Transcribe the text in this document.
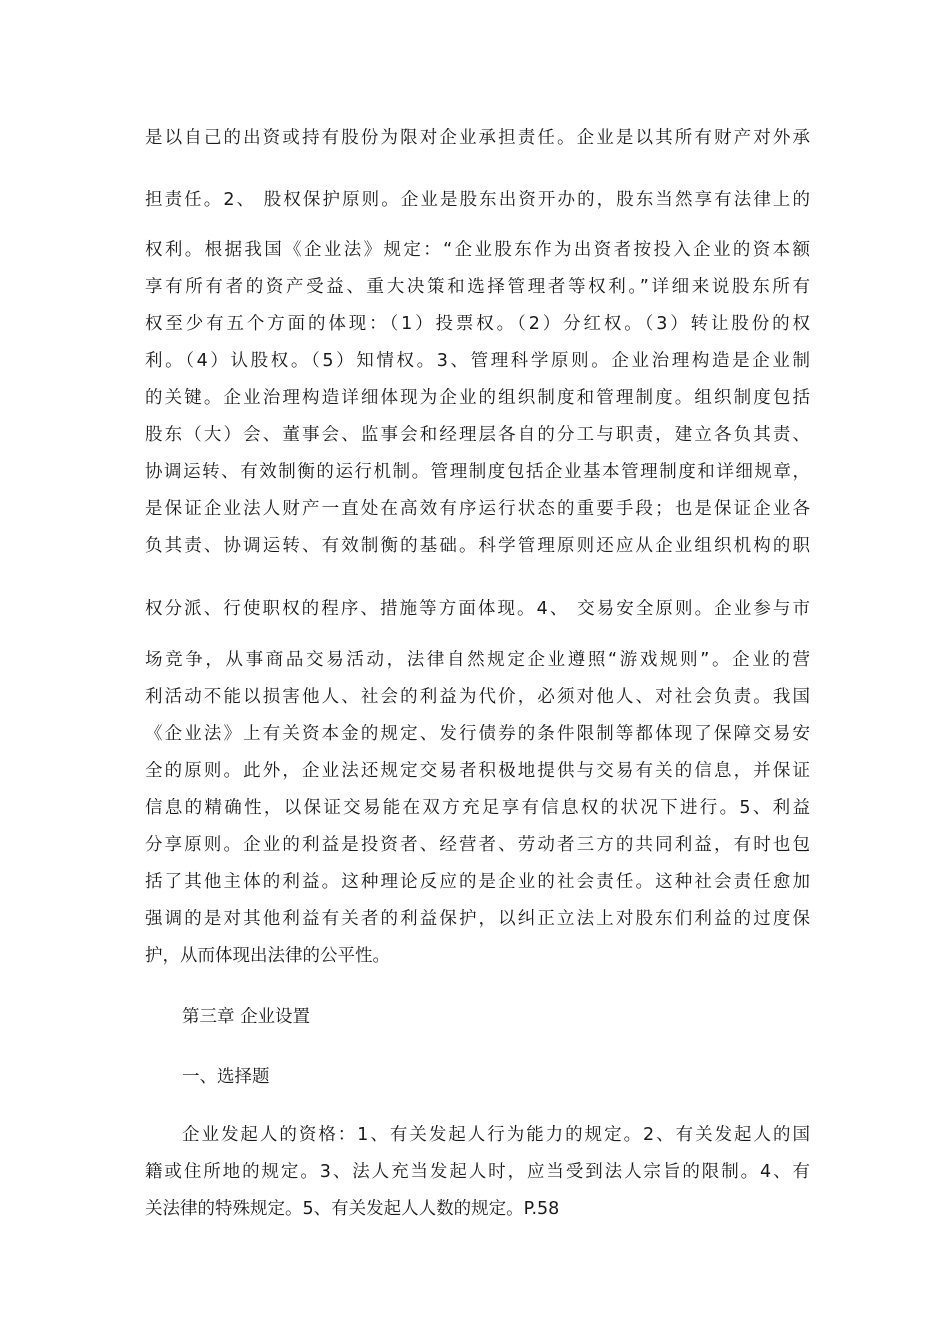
是以自己的出资或持有股份为限对企业承担责任。企业是以其所有财产对外承
担责任。2、 股权保护原则。企业是股东出资开办的，股东当然享有法律上的
权利。根据我国《企业法》规定：“企业股东作为出资者按投入企业的资本额
享有所有者的资产受益、重大决策和选择管理者等权利。”详细来说股东所有
权至少有五个方面的体现：（1）投票权。（2）分红权。（3）转让股份的权
利。（4）认股权。（5）知情权。3、管理科学原则。企业治理构造是企业制
的关键。企业治理构造详细体现为企业的组织制度和管理制度。组织制度包括
股东（大）会、董事会、监事会和经理层各自的分工与职责，建立各负其责、
协调运转、有效制衡的运行机制。管理制度包括企业基本管理制度和详细规章，
是保证企业法人财产一直处在高效有序运行状态的重要手段；也是保证企业各
负其责、协调运转、有效制衡的基础。科学管理原则还应从企业组织机构的职
权分派、行使职权的程序、措施等方面体现。4、 交易安全原则。企业参与市
场竞争，从事商品交易活动，法律自然规定企业遵照“游戏规则”。企业的营
利活动不能以损害他人、社会的利益为代价，必须对他人、对社会负责。我国
《企业法》上有关资本金的规定、发行债券的条件限制等都体现了保障交易安
全的原则。此外，企业法还规定交易者积极地提供与交易有关的信息，并保证
信息的精确性，以保证交易能在双方充足享有信息权的状况下进行。5、利益
分享原则。企业的利益是投资者、经营者、劳动者三方的共同利益，有时也包
括了其他主体的利益。这种理论反应的是企业的社会责任。这种社会责任愈加
强调的是对其他利益有关者的利益保护，以纠正立法上对股东们利益的过度保
护，从而体现出法律的公平性。
第三章 企业设置
一、选择题
企业发起人的资格：1、有关发起人行为能力的规定。2、有关发起人的国
籍或住所地的规定。3、法人充当发起人时，应当受到法人宗旨的限制。4、有
关法律的特殊规定。5、有关发起人人数的规定。P.58
